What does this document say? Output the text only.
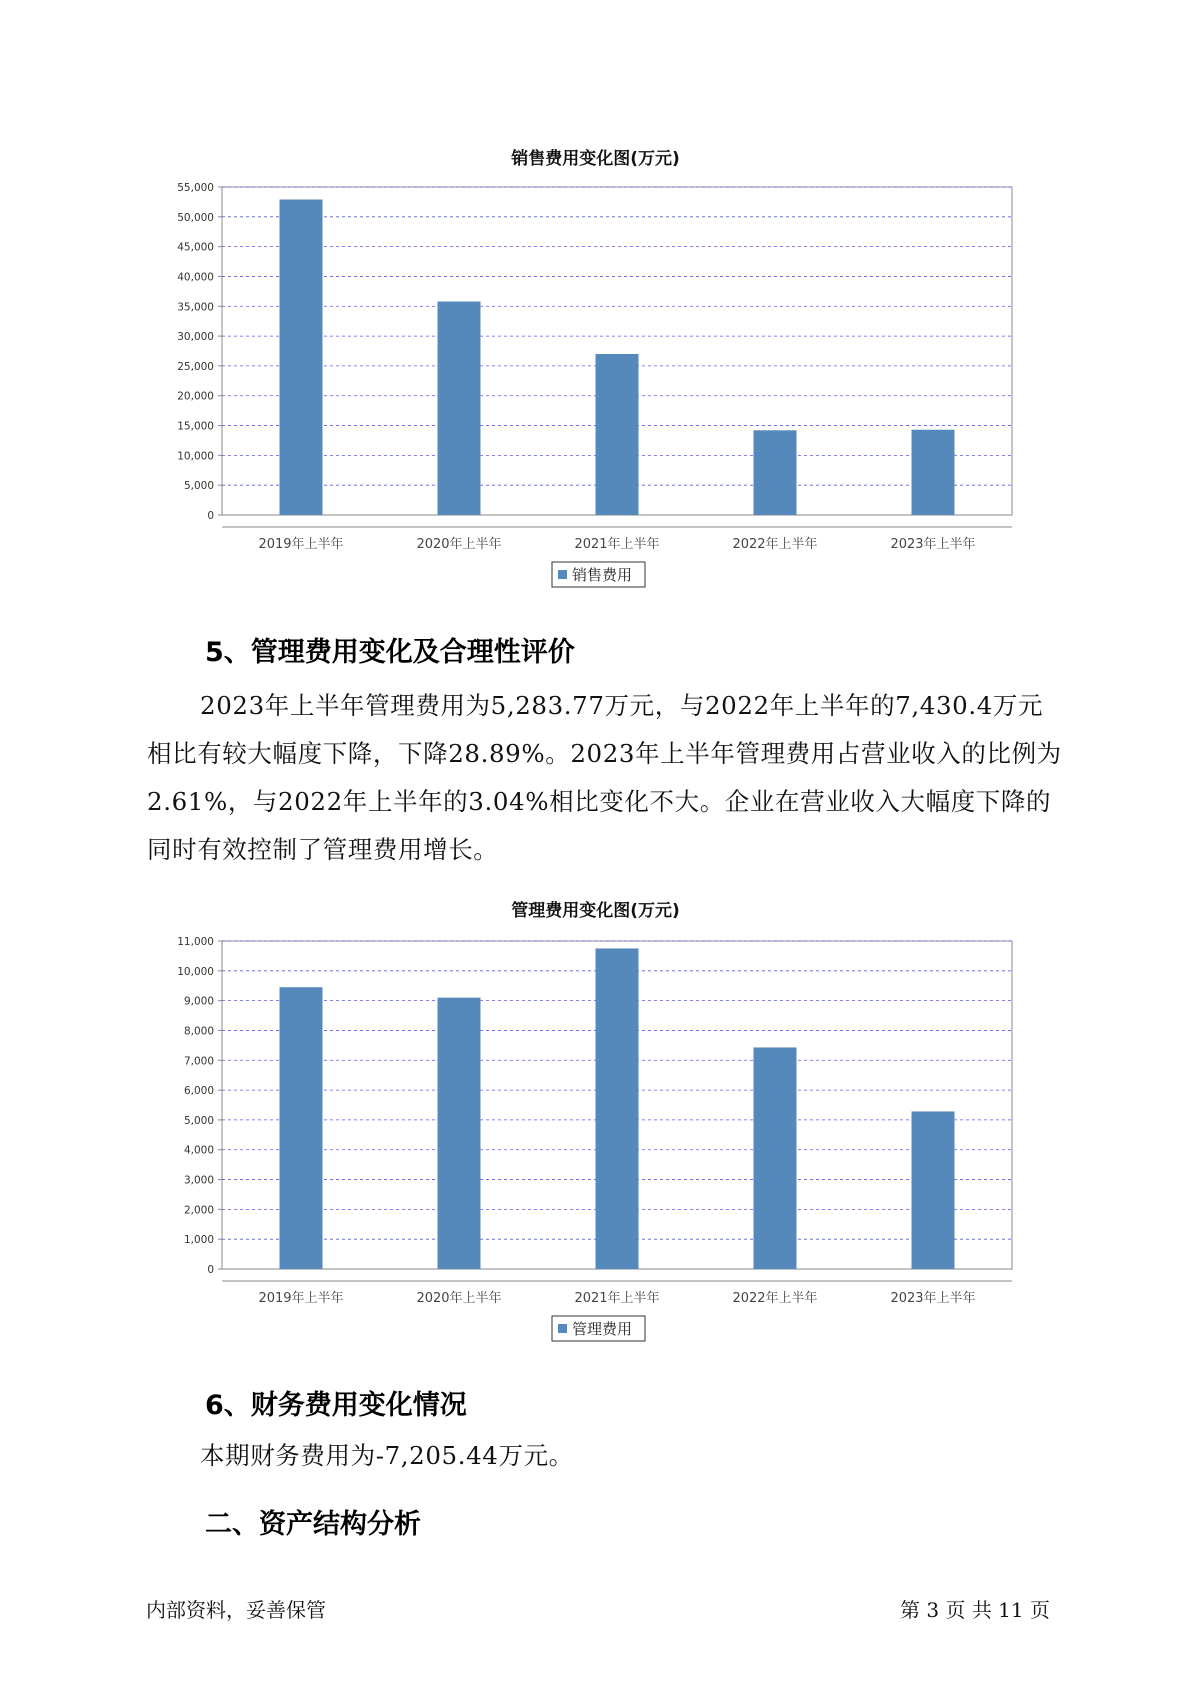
销售费用变化图(万元)
0
5,000
10,000
15,000
20,000
25,000
30,000
35,000
40,000
45,000
50,000
55,000
2019年上半年	2020年上半年	2021年上半年	2022年上半年	2023年上半年
销售费用
5、管理费用变化及合理性评价
2023年上半年管理费用为5,283.77万元，与2022年上半年的7,430.4万元相比有较大幅度下降，下降28.89%。2023年上半年管理费用占营业收入的比例为2.61%，与2022年上半年的3.04%相比变化不大。企业在营业收入大幅度下降的同时有效控制了管理费用增长。
管理费用变化图(万元)
0
1,000
2,000
3,000
4,000
5,000
6,000
7,000
8,000
9,000
10,000
11,000
2019年上半年	2020年上半年	2021年上半年	2022年上半年	2023年上半年
管理费用
6、财务费用变化情况
本期财务费用为-7,205.44万元。
二、资产结构分析
内部资料，妥善保管	第 3 页 共 11 页
